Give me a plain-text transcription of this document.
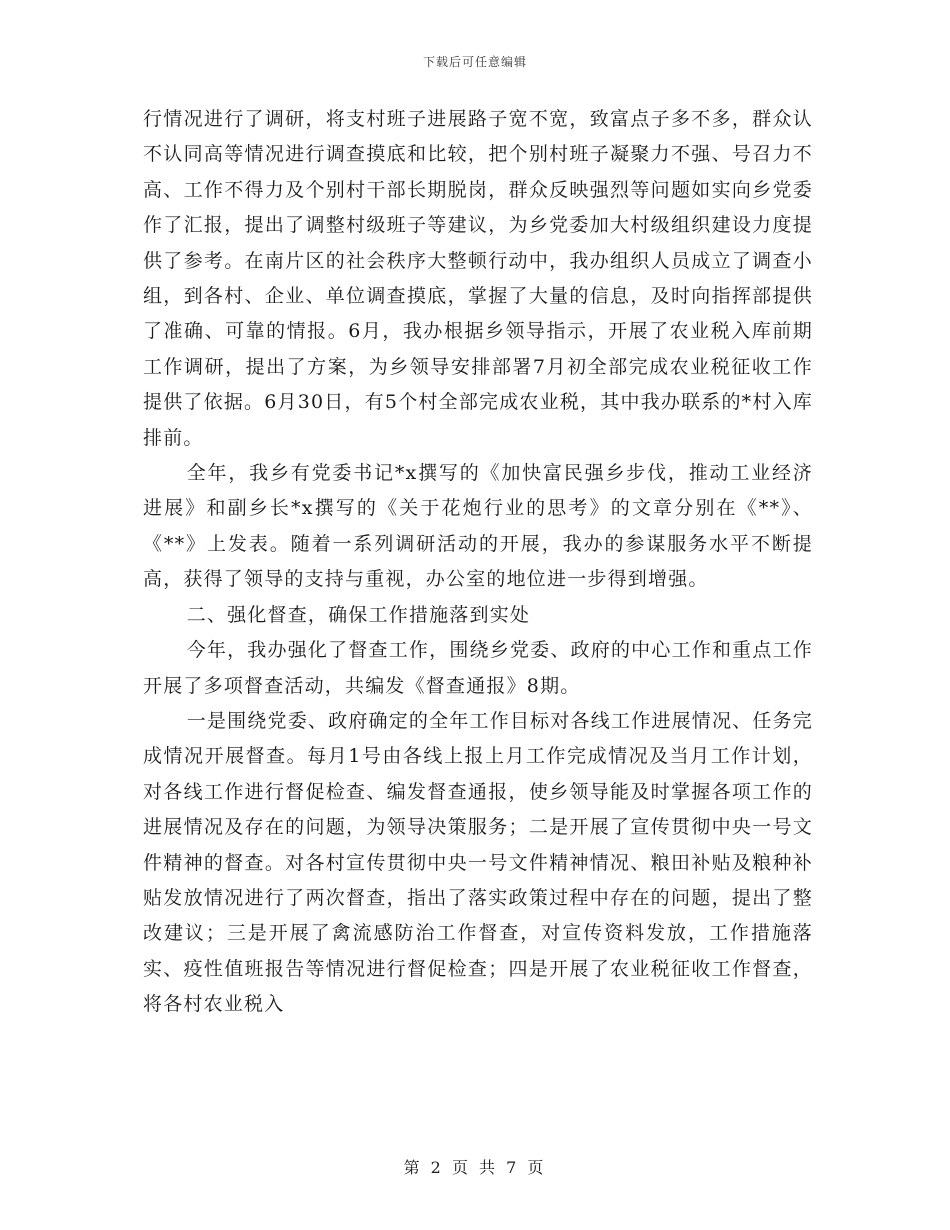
下载后可任意编辑

行情况进行了调研，将支村班子进展路子宽不宽，致富点子多不多，群众认不认同高等情况进行调查摸底和比较，把个别村班子凝聚力不强、号召力不高、工作不得力及个别村干部长期脱岗，群众反映强烈等问题如实向乡党委作了汇报，提出了调整村级班子等建议，为乡党委加大村级组织建设力度提供了参考。在南片区的社会秩序大整顿行动中，我办组织人员成立了调查小组，到各村、企业、单位调查摸底，掌握了大量的信息，及时向指挥部提供了准确、可靠的情报。6月，我办根据乡领导指示，开展了农业税入库前期工作调研，提出了方案，为乡领导安排部署7月初全部完成农业税征收工作提供了依据。6月30日，有5个村全部完成农业税，其中我办联系的*村入库排前。

全年，我乡有党委书记*x撰写的《加快富民强乡步伐，推动工业经济进展》和副乡长*x撰写的《关于花炮行业的思考》的文章分别在《**》、《**》上发表。随着一系列调研活动的开展，我办的参谋服务水平不断提高，获得了领导的支持与重视，办公室的地位进一步得到增强。

二、强化督查，确保工作措施落到实处

今年，我办强化了督查工作，围绕乡党委、政府的中心工作和重点工作开展了多项督查活动，共编发《督查通报》8期。

一是围绕党委、政府确定的全年工作目标对各线工作进展情况、任务完成情况开展督查。每月1号由各线上报上月工作完成情况及当月工作计划，对各线工作进行督促检查、编发督查通报，使乡领导能及时掌握各项工作的进展情况及存在的问题，为领导决策服务；二是开展了宣传贯彻中央一号文件精神的督查。对各村宣传贯彻中央一号文件精神情况、粮田补贴及粮种补贴发放情况进行了两次督查，指出了落实政策过程中存在的问题，提出了整改建议；三是开展了禽流感防治工作督查，对宣传资料发放，工作措施落实、疫性值班报告等情况进行督促检查；四是开展了农业税征收工作督查，将各村农业税入

第 2 页 共 7 页
